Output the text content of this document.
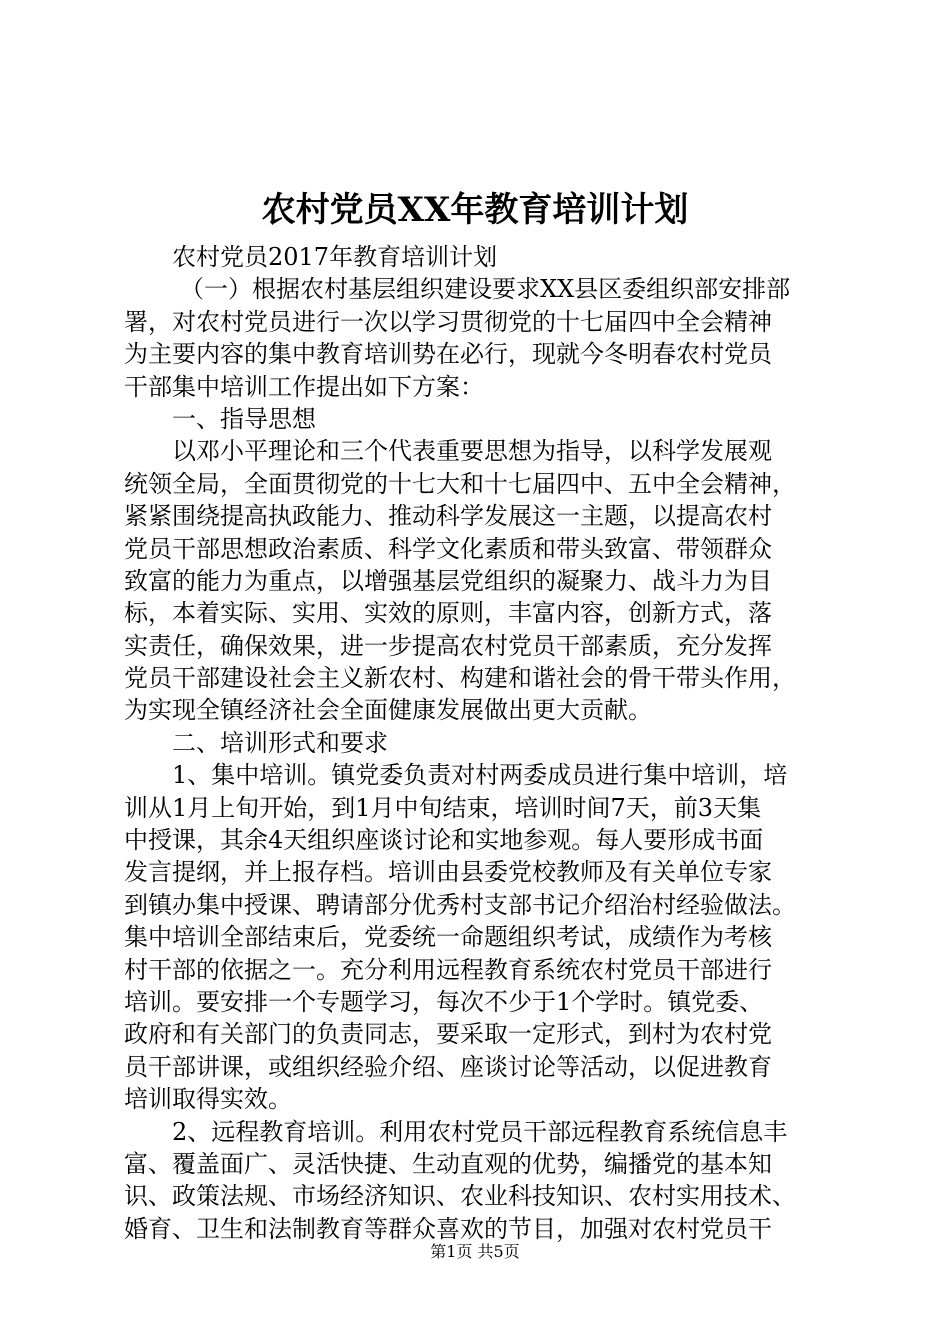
农村党员XX年教育培训计划
农村党员2017年教育培训计划
（一）根据农村基层组织建设要求XX县区委组织部安排部
署，对农村党员进行一次以学习贯彻党的十七届四中全会精神
为主要内容的集中教育培训势在必行，现就今冬明春农村党员
干部集中培训工作提出如下方案：
一、指导思想
以邓小平理论和三个代表重要思想为指导，以科学发展观
统领全局，全面贯彻党的十七大和十七届四中、五中全会精神，
紧紧围绕提高执政能力、推动科学发展这一主题，以提高农村
党员干部思想政治素质、科学文化素质和带头致富、带领群众
致富的能力为重点，以增强基层党组织的凝聚力、战斗力为目
标，本着实际、实用、实效的原则，丰富内容，创新方式，落
实责任，确保效果，进一步提高农村党员干部素质，充分发挥
党员干部建设社会主义新农村、构建和谐社会的骨干带头作用，
为实现全镇经济社会全面健康发展做出更大贡献。
二、培训形式和要求
1、集中培训。镇党委负责对村两委成员进行集中培训，培
训从1月上旬开始，到1月中旬结束，培训时间7天，前3天集
中授课，其余4天组织座谈讨论和实地参观。每人要形成书面
发言提纲，并上报存档。培训由县委党校教师及有关单位专家
到镇办集中授课、聘请部分优秀村支部书记介绍治村经验做法。
集中培训全部结束后，党委统一命题组织考试，成绩作为考核
村干部的依据之一。充分利用远程教育系统农村党员干部进行
培训。要安排一个专题学习，每次不少于1个学时。镇党委、
政府和有关部门的负责同志，要采取一定形式，到村为农村党
员干部讲课，或组织经验介绍、座谈讨论等活动，以促进教育
培训取得实效。
2、远程教育培训。利用农村党员干部远程教育系统信息丰
富、覆盖面广、灵活快捷、生动直观的优势，编播党的基本知
识、政策法规、市场经济知识、农业科技知识、农村实用技术、
婚育、卫生和法制教育等群众喜欢的节目，加强对农村党员干
第1页 共5页
